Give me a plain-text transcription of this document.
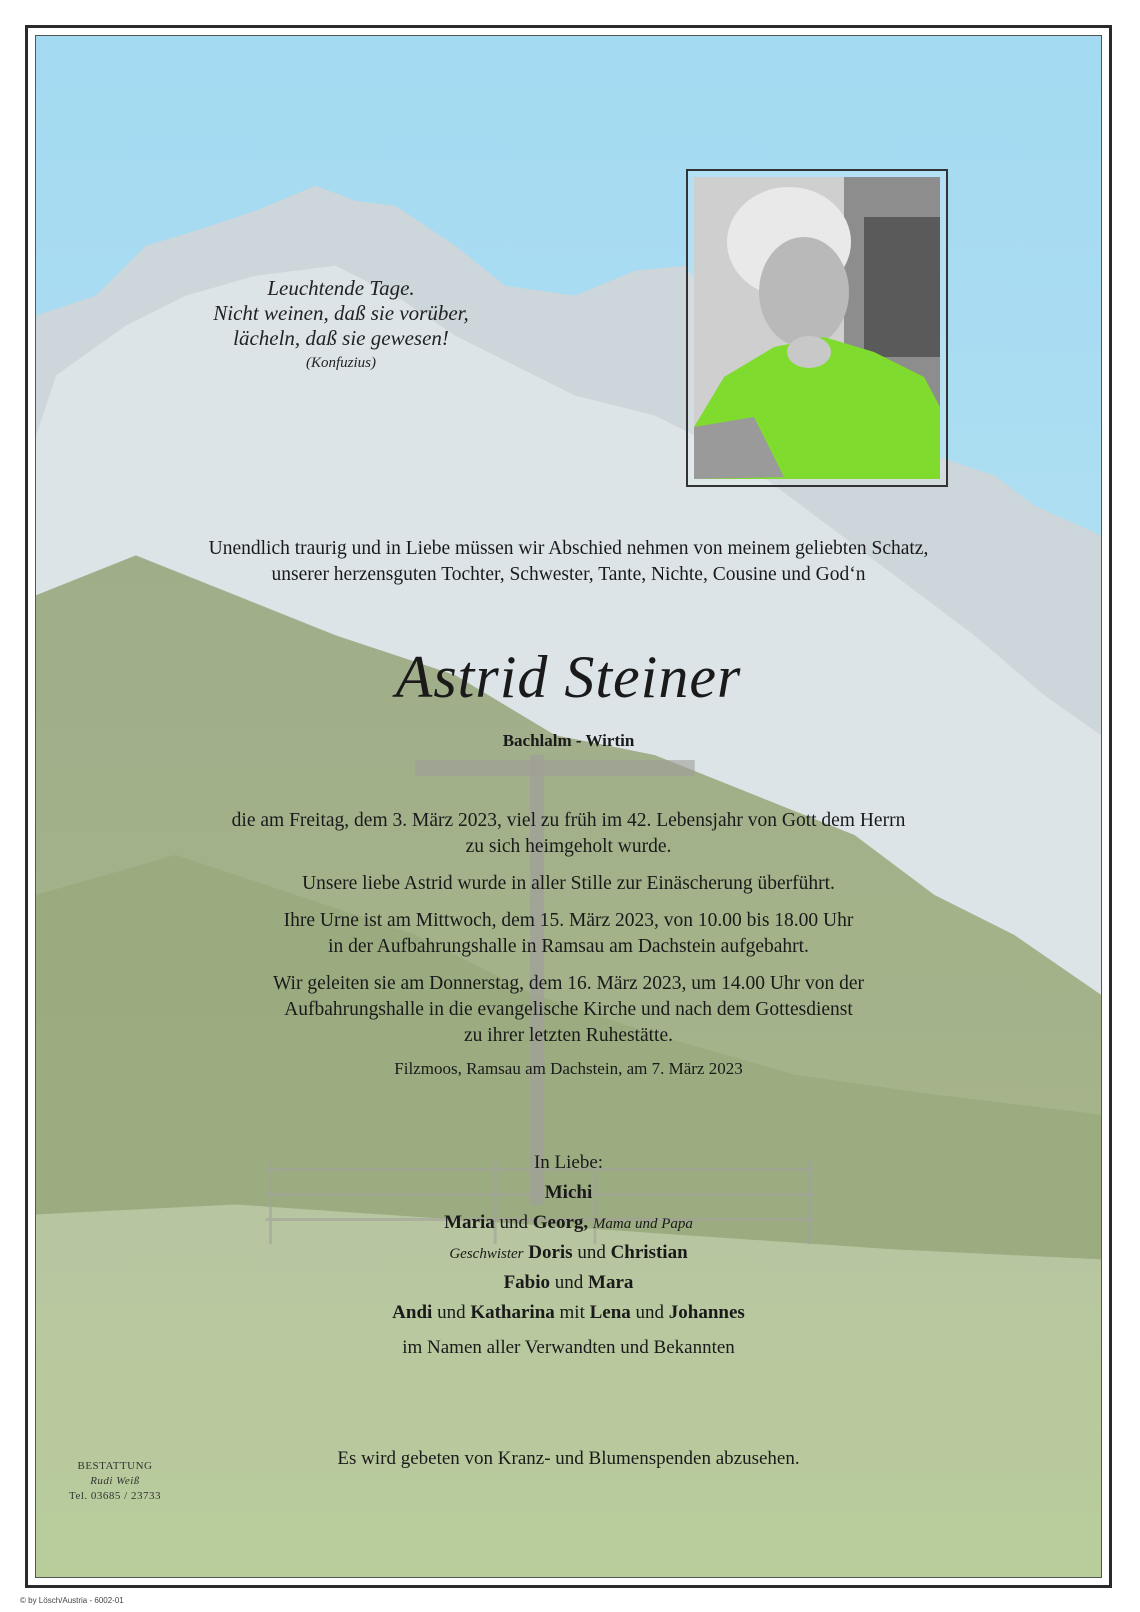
Leuchtende Tage.
Nicht weinen, daß sie vorüber,
lächeln, daß sie gewesen!
(Konfuzius)
Unendlich traurig und in Liebe müssen wir Abschied nehmen von meinem geliebten Schatz,
unserer herzensguten Tochter, Schwester, Tante, Nichte, Cousine und God‘n
Astrid Steiner
Bachlalm - Wirtin
die am Freitag, dem 3. März 2023, viel zu früh im 42. Lebensjahr von Gott dem Herrn
zu sich heimgeholt wurde.
Unsere liebe Astrid wurde in aller Stille zur Einäscherung überführt.
Ihre Urne ist am Mittwoch, dem 15. März 2023, von 10.00 bis 18.00 Uhr
in der Aufbahrungshalle in Ramsau am Dachstein aufgebahrt.
Wir geleiten sie am Donnerstag, dem 16. März 2023, um 14.00 Uhr von der
Aufbahrungshalle in die evangelische Kirche und nach dem Gottesdienst
zu ihrer letzten Ruhestätte.
Filzmoos, Ramsau am Dachstein, am 7. März 2023
In Liebe:
Michi
Maria und Georg, Mama und Papa
Geschwister Doris und Christian
Fabio und Mara
Andi und Katharina mit Lena und Johannes
im Namen aller Verwandten und Bekannten
BESTATTUNG
Rudi Weiß
Tel. 03685 / 23733
Es wird gebeten von Kranz- und Blumenspenden abzusehen.
© by Lösch/Austria - 6002-01
